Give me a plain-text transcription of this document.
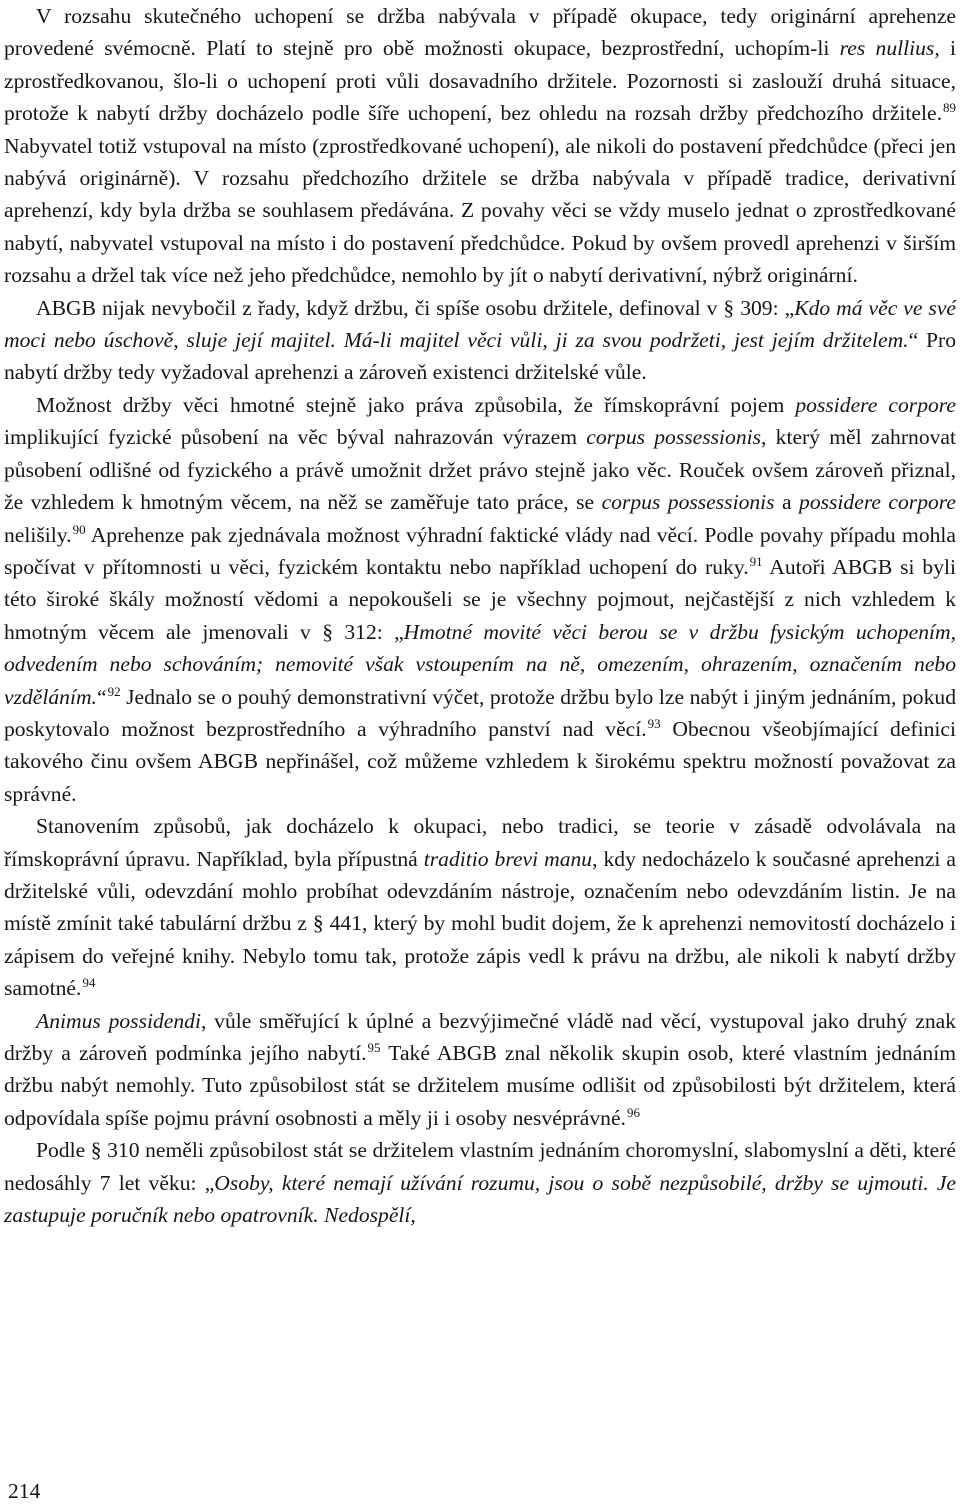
V rozsahu skutečného uchopení se držba nabývala v případě okupace, tedy originární aprehenze provedené svémocně. Platí to stejně pro obě možnosti okupace, bezprostřední, uchopím-li res nullius, i zprostředkovanou, šlo-li o uchopení proti vůli dosavadního držitele. Pozornosti si zaslouží druhá situace, protože k nabytí držby docházelo podle šíře uchopení, bez ohledu na rozsah držby předchozího držitele.$^{89}$ Nabyvatel totiž vstupoval na místo (zprostředkované uchopení), ale nikoli do postavení předchůdce (přeci jen nabývá originárně). V rozsahu předchozího držitele se držba nabývala v případě tradice, derivativní aprehenzí, kdy byla držba se souhlasem předávána. Z povahy věci se vždy muselo jednat o zprostředkované nabytí, nabyvatel vstupoval na místo i do postavení předchůdce. Pokud by ovšem provedl aprehenzi v širším rozsahu a držel tak více než jeho předchůdce, nemohlo by jít o nabytí derivativní, nýbrž originární.

ABGB nijak nevybočil z řady, když držbu, či spíše osobu držitele, definoval v § 309: „Kdo má věc ve své moci nebo úschově, sluje její majitel. Má-li majitel věci vůli, ji za svou podržeti, jest jejím držitelem.“ Pro nabytí držby tedy vyžadoval aprehenzi a zároveň existenci držitelské vůle.

Možnost držby věci hmotné stejně jako práva způsobila, že římskoprávní pojem possidere corpore implikující fyzické působení na věc býval nahrazován výrazem corpus possessionis, který měl zahrnovat působení odlišné od fyzického a právě umožnit držet právo stejně jako věc. Rouček ovšem zároveň přiznal, že vzhledem k hmotným věcem, na něž se zaměřuje tato práce, se corpus possessionis a possidere corpore nelišily.$^{90}$ Aprehenze pak zjednávala možnost výhradní faktické vlády nad věcí. Podle povahy případu mohla spočívat v přítomnosti u věci, fyzickém kontaktu nebo například uchopení do ruky.$^{91}$ Autoři ABGB si byli této široké škály možností vědomi a nepokoušeli se je všechny pojmout, nejčastější z nich vzhledem k hmotným věcem ale jmenovali v § 312: „Hmotné movité věci berou se v držbu fysickým uchopením, odvedením nebo schováním; nemovité však vstoupením na ně, omezením, ohrazením, označením nebo vzděláním.“$^{92}$ Jednalo se o pouhý demonstrativní výčet, protože držbu bylo lze nabýt i jiným jednáním, pokud poskytovalo možnost bezprostředního a výhradního panství nad věcí.$^{93}$ Obecnou všeobjímající definici takového činu ovšem ABGB nepřinášel, což můžeme vzhledem k širokému spektru možností považovat za správné.

Stanovením způsobů, jak docházelo k okupaci, nebo tradici, se teorie v zásadě odvolávala na římskoprávní úpravu. Například, byla přípustná traditio brevi manu, kdy nedocházelo k současné aprehenzi a držitelské vůli, odevzdání mohlo probíhat odevzdáním nástroje, označením nebo odevzdáním listin. Je na místě zmínit také tabulární držbu z § 441, který by mohl budit dojem, že k aprehenzi nemovitostí docházelo i zápisem do veřejné knihy. Nebylo tomu tak, protože zápis vedl k právu na držbu, ale nikoli k nabytí držby samotné.$^{94}$

Animus possidendi, vůle směřující k úplné a bezvýjimečné vládě nad věcí, vystupoval jako druhý znak držby a zároveň podmínka jejího nabytí.$^{95}$ Také ABGB znal několik skupin osob, které vlastním jednáním držbu nabýt nemohly. Tuto způsobilost stát se držitelem musíme odlišit od způsobilosti být držitelem, která odpovídala spíše pojmu právní osobnosti a měly ji i osoby nesvéprávné.$^{96}$

Podle § 310 neměli způsobilost stát se držitelem vlastním jednáním choromyslní, slabomyslní a děti, které nedosáhly 7 let věku: „Osoby, které nemají užívání rozumu, jsou o sobě nezpůsobilé, držby se ujmouti. Je zastupuje poručník nebo opatrovník. Nedospělí,

214
